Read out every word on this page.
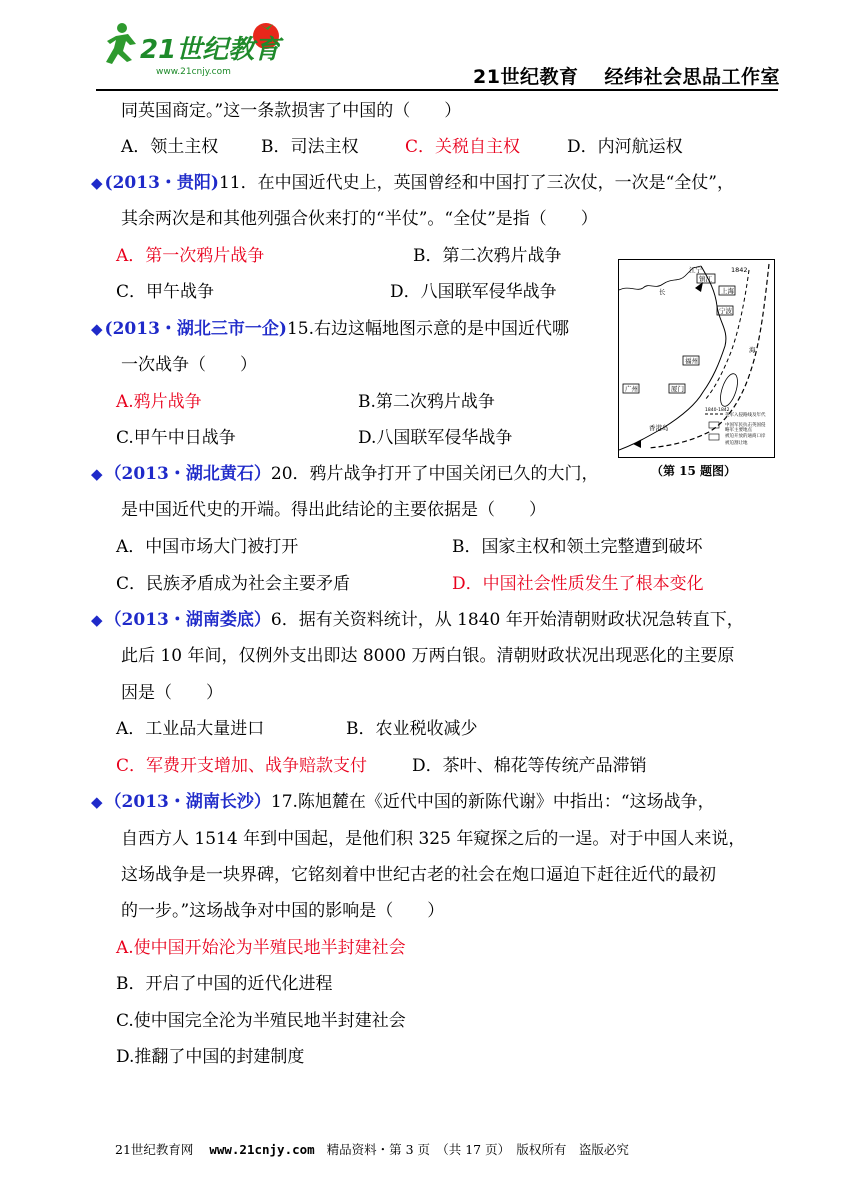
21世纪教育
www.21cnjy.com	21世纪教育 经纬社会思品工作室
同英国商定。”这一条款损害了中国的（　　）
A．领土主权	B．司法主权	C．关税自主权	D．内河航运权
◆ (2013・贵阳)11．在中国近代史上，英国曾经和中国打了三次仗，一次是“全仗”，
其余两次是和其他列强合伙来打的“半仗”。“全仗”是指（　　）
A．第一次鸦片战争	B．第二次鸦片战争
C．甲午战争	D．八国联军侵华战争
◆ (2013・湖北三市一企)15.右边这幅地图示意的是中国近代哪
一次战争（　　）
A.鸦片战争	B.第二次鸦片战争
C.甲午中日战争	D.八国联军侵华战争
江宁
镇江
上海
宁波
福州
厦门
广州
香港岛
1842
海
长
1840-1842
英军入侵路线及年代
中国军民抗击英国侵
略军主要地点
被迫开放的通商口岸
被迫割让地
（第 15 题图）
◆ （2013・湖北黄石）20．鸦片战争打开了中国关闭已久的大门，
是中国近代史的开端。得出此结论的主要依据是（　　）
A．中国市场大门被打开	B．国家主权和领土完整遭到破坏
C．民族矛盾成为社会主要矛盾	D．中国社会性质发生了根本变化
◆ （2013・湖南娄底）6．据有关资料统计，从 1840 年开始清朝财政状况急转直下，
此后 10 年间，仅例外支出即达 8000 万两白银。清朝财政状况出现恶化的主要原
因是（　　）
A．工业品大量进口	B．农业税收减少
C．军费开支增加、战争赔款支付	D．茶叶、棉花等传统产品滞销
◆ （2013・湖南长沙）17.陈旭麓在《近代中国的新陈代谢》中指出：“这场战争，
自西方人 1514 年到中国起，是他们积 325 年窥探之后的一逞。对于中国人来说，
这场战争是一块界碑，它铭刻着中世纪古老的社会在炮口逼迫下赶往近代的最初
的一步。”这场战争对中国的影响是（　　）
A.使中国开始沦为半殖民地半封建社会
B．开启了中国的近代化进程
C.使中国完全沦为半殖民地半封建社会
D.推翻了中国的封建制度
21世纪教育网 www.21cnjy.com 精品资料・第 3 页　（共 17 页）　版权所有　盗版必究
